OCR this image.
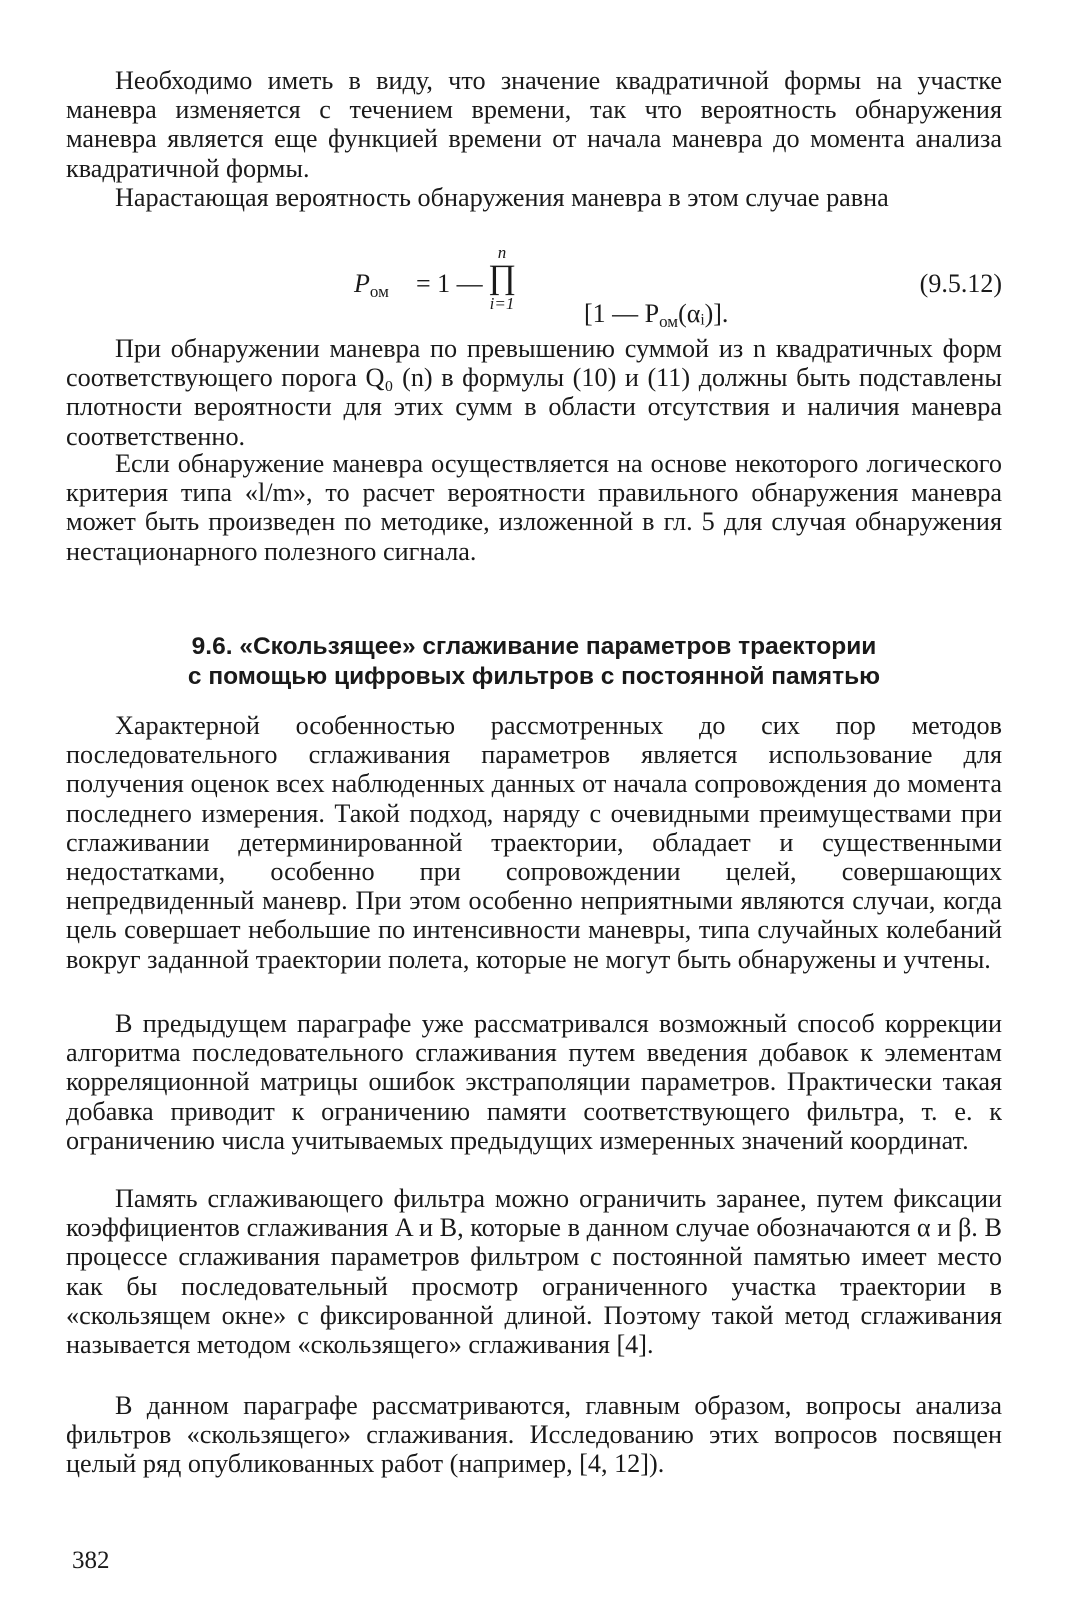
Необходимо иметь в виду, что значение квадратичной формы на участке маневра изменяется с течением времени, так что вероятность обнаружения маневра является еще функцией времени от начала маневра до момента анализа квадратичной формы.

Нарастающая вероятность обнаружения маневра в этом случае равна

$P_{ом} = 1$ —
n
∏
i=1	[1 — $P_{ом}(\alpha ᵢ)$].

(9.5.12)

При обнаружении маневра по превышению суммой из n квадратичных форм соответствующего порога Q₀ (n) в формулы (10) и (11) должны быть подставлены плотности вероятности для этих сумм в области отсутствия и наличия маневра соответственно.

Если обнаружение маневра осуществляется на основе некоторого логического критерия типа «l/m», то расчет вероятности правильного обнаружения маневра может быть произведен по методике, изложенной в гл. 5 для случая обнаружения нестационарного полезного сигнала.

9.6. «Скользящее» сглаживание параметров траектории
с помощью цифровых фильтров с постоянной памятью

Характерной особенностью рассмотренных до сих пор методов последовательного сглаживания параметров является использование для получения оценок всех наблюденных данных от начала сопровождения до момента последнего измерения. Такой подход, наряду с очевидными преимуществами при сглаживании детерминированной траектории, обладает и существенными недостатками, особенно при сопровождении целей, совершающих непредвиденный маневр. При этом особенно неприятными являются случаи, когда цель совершает небольшие по интенсивности маневры, типа случайных колебаний вокруг заданной траектории полета, которые не могут быть обнаружены и учтены.

В предыдущем параграфе уже рассматривался возможный способ коррекции алгоритма последовательного сглаживания путем введения добавок к элементам корреляционной матрицы ошибок экстраполяции параметров. Практически такая добавка приводит к ограничению памяти соответствующего фильтра, т. е. к ограничению числа учитываемых предыдущих измеренных значений координат.

Память сглаживающего фильтра можно ограничить заранее, путем фиксации коэффициентов сглаживания A и B, которые в данном случае обозначаются α и β. В процессе сглаживания параметров фильтром с постоянной памятью имеет место как бы последовательный просмотр ограниченного участка траектории в «скользящем окне» с фиксированной длиной. Поэтому такой метод сглаживания называется методом «скользящего» сглаживания [4].

В данном параграфе рассматриваются, главным образом, вопросы анализа фильтров «скользящего» сглаживания. Исследованию этих вопросов посвящен целый ряд опубликованных работ (например, [4, 12]).

382
